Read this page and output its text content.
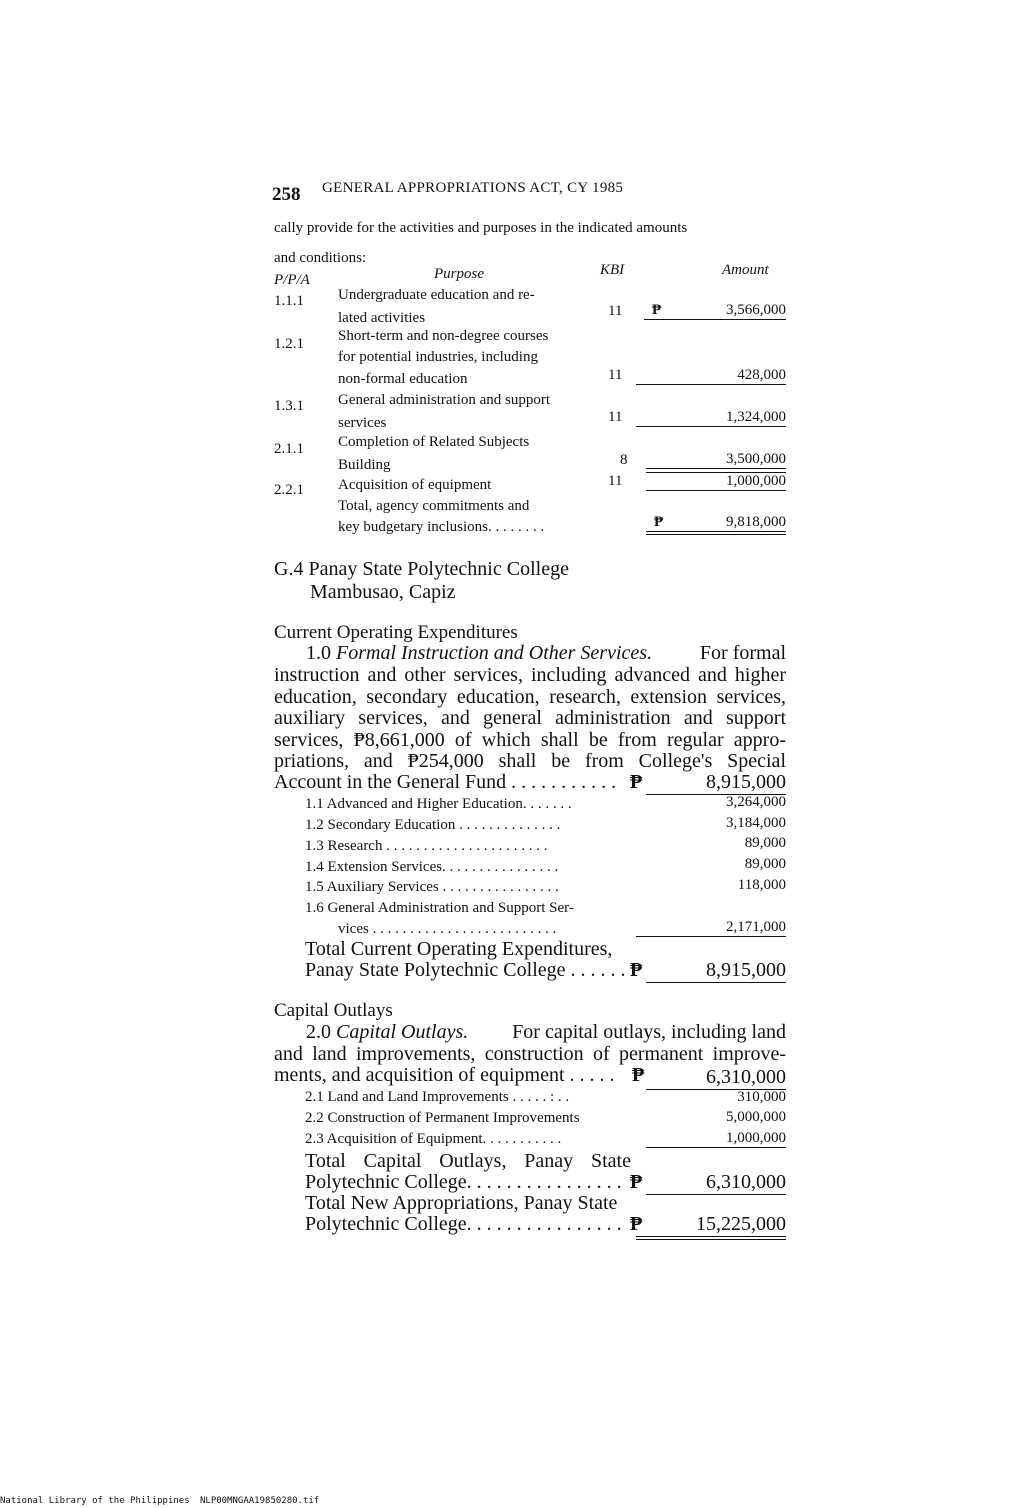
258 GENERAL APPROPRIATIONS ACT, CY 1985
cally provide for the activities and purposes in the indicated amounts
and conditions:
P/P/A	Purpose	KBI	Amount
1.1.1 Undergraduate education and re-
lated activities	11 ₱	3,566,000
1.2.1 Short-term and non-degree courses
for potential industries, including
non-formal education	11	428,000
1.3.1 General administration and support
services	11	1,324,000
2.1.1 Completion of Related Subjects
Building	8	3,500,000
2.2.1 Acquisition of equipment	11	1,000,000
Total, agency commitments and
key budgetary inclusions. . . . . . . .	₱	9,818,000
G.4 Panay State Polytechnic College
Mambusao, Capiz
Current Operating Expenditures
1.0 Formal Instruction and Other Services. For formal
instruction and other services, including advanced and higher
education, secondary education, research, extension services,
auxiliary services, and general administration and support
services, ₱8,661,000 of which shall be from regular appro-
priations, and ₱254,000 shall be from College's Special
Account in the General Fund . . . . . . . . . . . ₱	8,915,000
1.1 Advanced and Higher Education. . . . . . .	3,264,000
1.2 Secondary Education . . . . . . . . . . . . . .	3,184,000
1.3 Research . . . . . . . . . . . . . . . . . . . . . .	89,000
1.4 Extension Services. . . . . . . . . . . . . . . .	89,000
1.5 Auxiliary Services . . . . . . . . . . . . . . . .	118,000
1.6 General Administration and Support Ser-
vices . . . . . . . . . . . . . . . . . . . . . . . . .	2,171,000
Total Current Operating Expenditures,
Panay State Polytechnic College . . . . . . ₱	8,915,000
Capital Outlays
2.0 Capital Outlays. For capital outlays, including land
and land improvements, construction of permanent improve-
ments, and acquisition of equipment . . . . . ₱	6,310,000
2.1 Land and Land Improvements . . . . . : . .	310,000
2.2 Construction of Permanent Improvements	5,000,000
2.3 Acquisition of Equipment. . . . . . . . . . .	1,000,000
Total Capital Outlays, Panay State
Polytechnic College. . . . . . . . . . . . . . . . ₱	6,310,000
Total New Appropriations, Panay State
Polytechnic College. . . . . . . . . . . . . . . . ₱	15,225,000
National Library of the Philippines NLP00MNGAA19850280.tif
